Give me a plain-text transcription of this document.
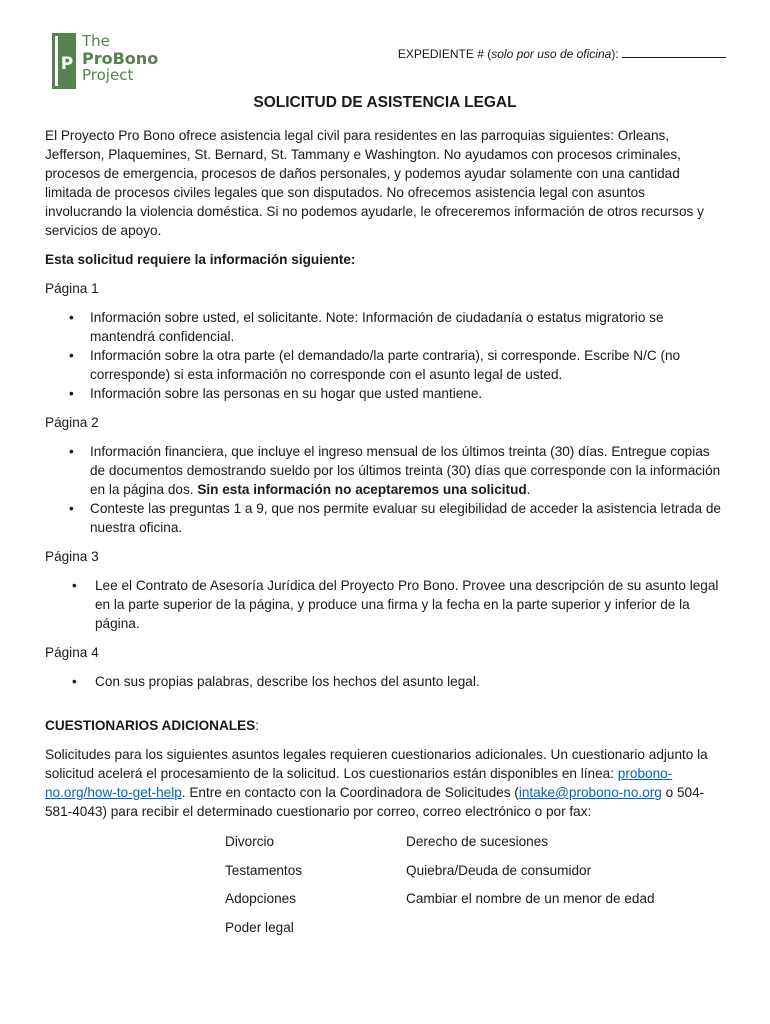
P
The
ProBono
Project
EXPEDIENTE # (solo por uso de oficina):
SOLICITUD DE ASISTENCIA LEGAL

El Proyecto Pro Bono ofrece asistencia legal civil para residentes en las parroquias siguientes: Orleans, Jefferson, Plaquemines, St. Bernard, St. Tammany e Washington. No ayudamos con procesos criminales, procesos de emergencia, procesos de daños personales, y podemos ayudar solamente con una cantidad limitada de procesos civiles legales que son disputados. No ofrecemos asistencia legal con asuntos involucrando la violencia doméstica. Si no podemos ayudarle, le ofreceremos información de otros recursos y servicios de apoyo.

Esta solicitud requiere la información siguiente:

Página 1

• Información sobre usted, el solicitante. Note: Información de ciudadanía o estatus migratorio se mantendrá confidencial.
• Información sobre la otra parte (el demandado/la parte contraria), si corresponde. Escribe N/C (no corresponde) si esta información no corresponde con el asunto legal de usted.
• Información sobre las personas en su hogar que usted mantiene.

Página 2

• Información financiera, que incluye el ingreso mensual de los últimos treinta (30) días. Entregue copias de documentos demostrando sueldo por los últimos treinta (30) días que corresponde con la información en la página dos. Sin esta información no aceptaremos una solicitud.
• Conteste las preguntas 1 a 9, que nos permite evaluar su elegibilidad de acceder la asistencia letrada de nuestra oficina.

Página 3

• Lee el Contrato de Asesoría Jurídica del Proyecto Pro Bono. Provee una descripción de su asunto legal en la parte superior de la página, y produce una firma y la fecha en la parte superior y inferior de la página.

Página 4

• Con sus propias palabras, describe los hechos del asunto legal.

CUESTIONARIOS ADICIONALES:

Solicitudes para los siguientes asuntos legales requieren cuestionarios adicionales. Un cuestionario adjunto la solicitud acelerá el procesamiento de la solicitud. Los cuestionarios están disponibles en línea: probono-no.org/how-to-get-help. Entre en contacto con la Coordinadora de Solicitudes (intake@probono-no.org o 504-581-4043) para recibir el determinado cuestionario por correo, correo electrónico o por fax:

Divorcio	Derecho de sucesiones
Testamentos	Quiebra/Deuda de consumidor
Adopciones	Cambiar el nombre de un menor de edad
Poder legal
